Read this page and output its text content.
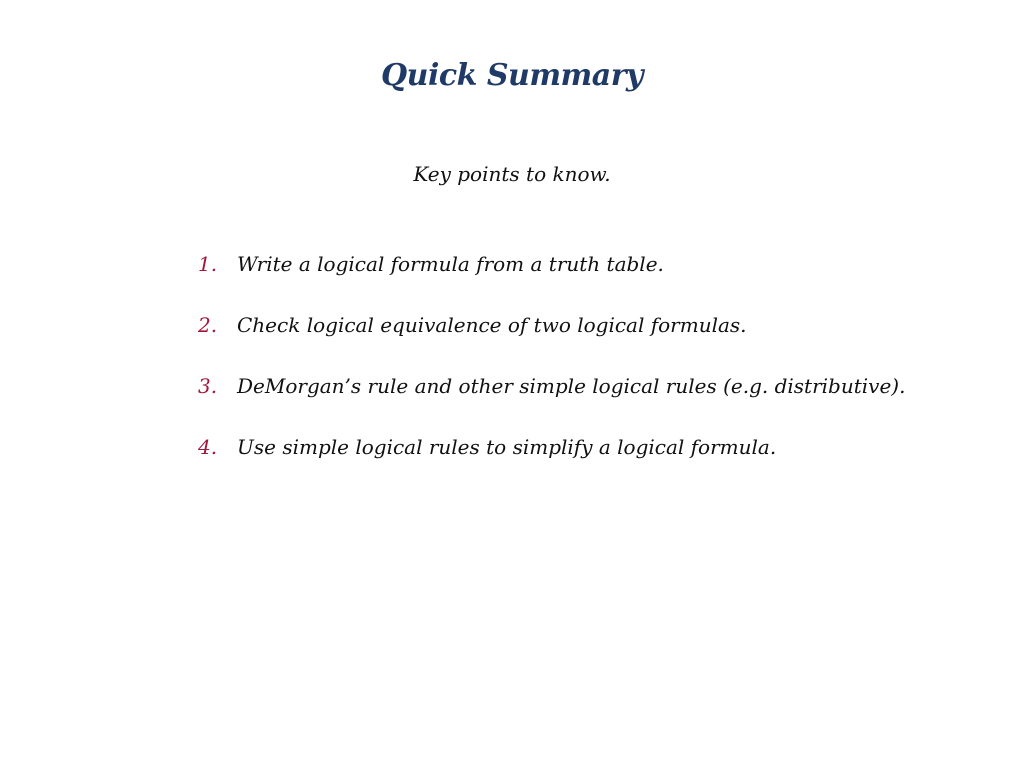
Quick Summary
Key points to know.
1. Write a logical formula from a truth table.
2. Check logical equivalence of two logical formulas.
3. DeMorgan’s rule and other simple logical rules (e.g. distributive).
4. Use simple logical rules to simplify a logical formula.
